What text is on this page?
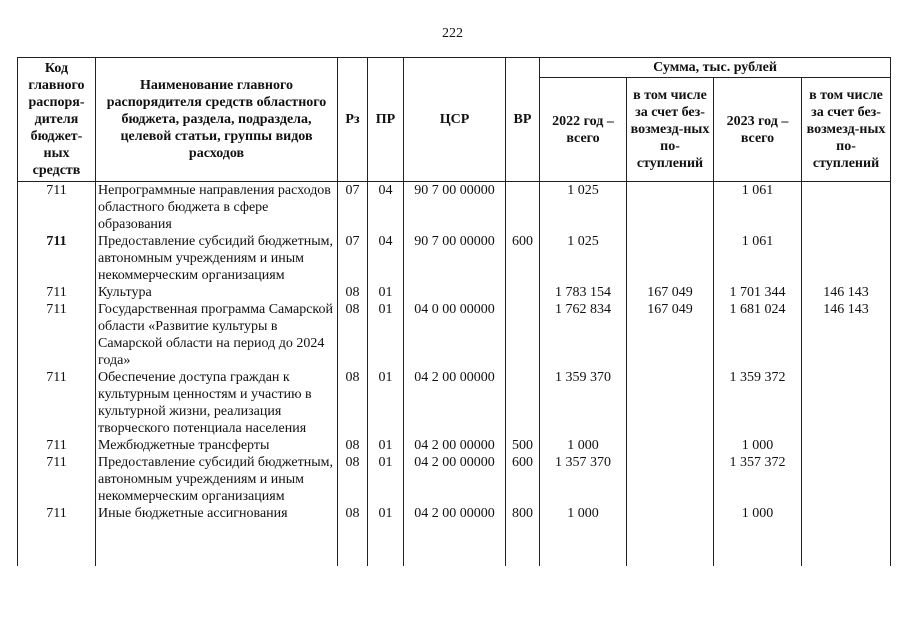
222
Код главного распоря-дителя бюджет-ных средств	Наименование главного распорядителя средств областного бюджета, раздела, подраздела, целевой статьи, группы видов расходов	Рз	ПР	ЦСР	ВР	Сумма, тыс. рублей			
						2022 год – всего	в том числе за счет без-возмезд-ных по-ступлений	2023 год – всего	в том числе за счет без-возмезд-ных по-ступлений
711	Непрограммные направления расходов областного бюджета в сфере образования	07	04	90 7 00 00000		1 025		1 061	
711	Предоставление субсидий бюджетным, автономным учреждениям и иным некоммерческим организациям	07	04	90 7 00 00000	600	1 025		1 061	
711	Культура	08	01			1 783 154	167 049	1 701 344	146 143
711	Государственная программа Самарской области «Развитие культуры в Самарской области на период до 2024 года»	08	01	04 0 00 00000		1 762 834	167 049	1 681 024	146 143
711	Обеспечение доступа граждан к культурным ценностям и участию в культурной жизни, реализация творческого потенциала населения	08	01	04 2 00 00000		1 359 370		1 359 372	
711	Межбюджетные трансферты	08	01	04 2 00 00000	500	1 000		1 000	
711	Предоставление субсидий бюджетным, автономным учреждениям и иным некоммерческим организациям	08	01	04 2 00 00000	600	1 357 370		1 357 372	
711	Иные бюджетные ассигнования	08	01	04 2 00 00000	800	1 000		1 000	
